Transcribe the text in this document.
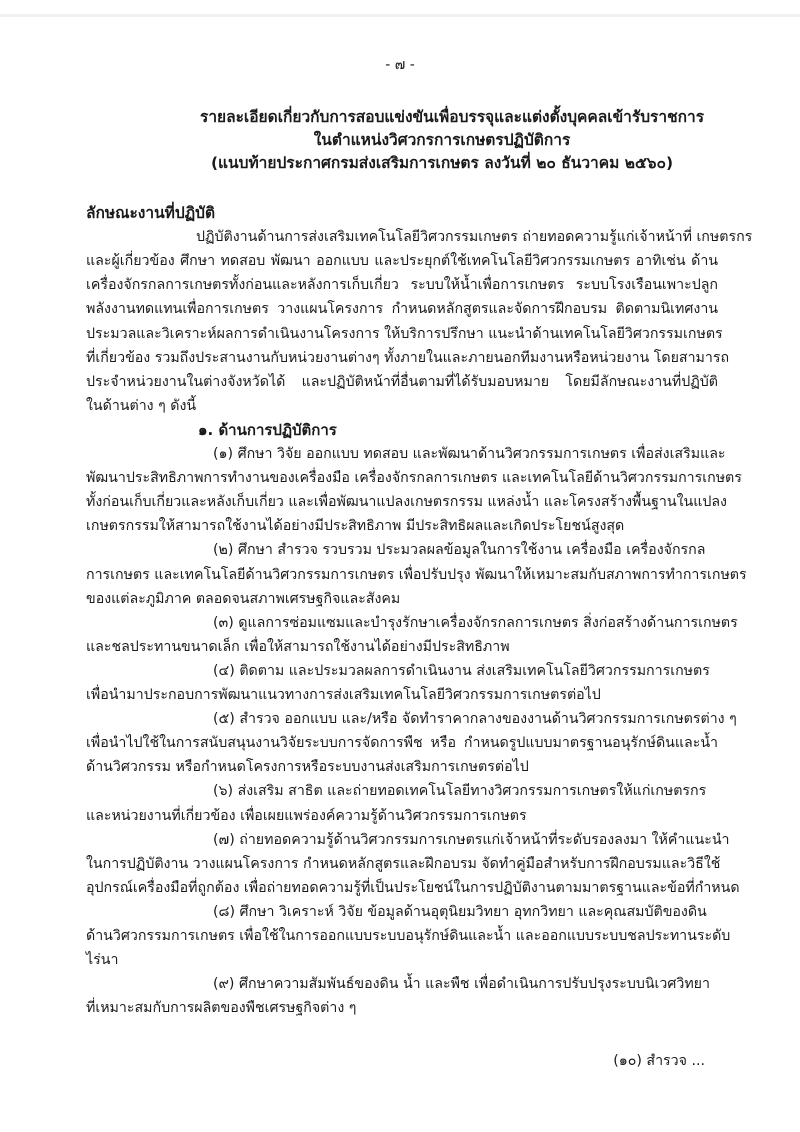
- ๗ -
รายละเอียดเกี่ยวกับการสอบแข่งขันเพื่อบรรจุและแต่งตั้งบุคคลเข้ารับราชการ
ในตำแหน่งวิศวกรการเกษตรปฏิบัติการ
(แนบท้ายประกาศกรมส่งเสริมการเกษตร ลงวันที่ ๒๐ ธันวาคม ๒๕๖๐)
ลักษณะงานที่ปฏิบัติ
ปฏิบัติงานด้านการส่งเสริมเทคโนโลยีวิศวกรรมเกษตร ถ่ายทอดความรู้แก่เจ้าหน้าที่ เกษตรกร
และผู้เกี่ยวข้อง ศึกษา ทดสอบ พัฒนา ออกแบบ และประยุกต์ใช้เทคโนโลยีวิศวกรรมเกษตร อาทิเช่น ด้าน
เครื่องจักรกลการเกษตรทั้งก่อนและหลังการเก็บเกี่ยว ระบบให้น้ำเพื่อการเกษตร ระบบโรงเรือนเพาะปลูก
พลังงานทดแทนเพื่อการเกษตร วางแผนโครงการ กำหนดหลักสูตรและจัดการฝึกอบรม ติดตามนิเทศงาน
ประมวลและวิเคราะห์ผลการดำเนินงานโครงการ ให้บริการปรึกษา แนะนำด้านเทคโนโลยีวิศวกรรมเกษตร
ที่เกี่ยวข้อง รวมถึงประสานงานกับหน่วยงานต่างๆ ทั้งภายในและภายนอกทีมงานหรือหน่วยงาน โดยสามารถ
ประจำหน่วยงานในต่างจังหวัดได้ และปฏิบัติหน้าที่อื่นตามที่ได้รับมอบหมาย โดยมีลักษณะงานที่ปฏิบัติ
ในด้านต่าง ๆ ดังนี้
๑. ด้านการปฏิบัติการ
(๑) ศึกษา วิจัย ออกแบบ ทดสอบ และพัฒนาด้านวิศวกรรมการเกษตร เพื่อส่งเสริมและ
พัฒนาประสิทธิภาพการทำงานของเครื่องมือ เครื่องจักรกลการเกษตร และเทคโนโลยีด้านวิศวกรรมการเกษตร
ทั้งก่อนเก็บเกี่ยวและหลังเก็บเกี่ยว และเพื่อพัฒนาแปลงเกษตรกรรม แหล่งน้ำ และโครงสร้างพื้นฐานในแปลง
เกษตรกรรมให้สามารถใช้งานได้อย่างมีประสิทธิภาพ มีประสิทธิผลและเกิดประโยชน์สูงสุด
(๒) ศึกษา สำรวจ รวบรวม ประมวลผลข้อมูลในการใช้งาน เครื่องมือ เครื่องจักรกล
การเกษตร และเทคโนโลยีด้านวิศวกรรมการเกษตร เพื่อปรับปรุง พัฒนาให้เหมาะสมกับสภาพการทำการเกษตร
ของแต่ละภูมิภาค ตลอดจนสภาพเศรษฐกิจและสังคม
(๓) ดูแลการซ่อมแซมและบำรุงรักษาเครื่องจักรกลการเกษตร สิ่งก่อสร้างด้านการเกษตร
และชลประทานขนาดเล็ก เพื่อให้สามารถใช้งานได้อย่างมีประสิทธิภาพ
(๔) ติดตาม และประมวลผลการดำเนินงาน ส่งเสริมเทคโนโลยีวิศวกรรมการเกษตร
เพื่อนำมาประกอบการพัฒนาแนวทางการส่งเสริมเทคโนโลยีวิศวกรรมการเกษตรต่อไป
(๕) สำรวจ ออกแบบ และ/หรือ จัดทำราคากลางของงานด้านวิศวกรรมการเกษตรต่าง ๆ
เพื่อนำไปใช้ในการสนับสนุนงานวิจัยระบบการจัดการพืช หรือ กำหนดรูปแบบมาตรฐานอนุรักษ์ดินและน้ำ
ด้านวิศวกรรม หรือกำหนดโครงการหรือระบบงานส่งเสริมการเกษตรต่อไป
(๖) ส่งเสริม สาธิต และถ่ายทอดเทคโนโลยีทางวิศวกรรมการเกษตรให้แก่เกษตรกร
และหน่วยงานที่เกี่ยวข้อง เพื่อเผยแพร่องค์ความรู้ด้านวิศวกรรมการเกษตร
(๗) ถ่ายทอดความรู้ด้านวิศวกรรมการเกษตรแก่เจ้าหน้าที่ระดับรองลงมา ให้คำแนะนำ
ในการปฏิบัติงาน วางแผนโครงการ กำหนดหลักสูตรและฝึกอบรม จัดทำคู่มือสำหรับการฝึกอบรมและวิธีใช้
อุปกรณ์เครื่องมือที่ถูกต้อง เพื่อถ่ายทอดความรู้ที่เป็นประโยชน์ในการปฏิบัติงานตามมาตรฐานและข้อที่กำหนด
(๘) ศึกษา วิเคราะห์ วิจัย ข้อมูลด้านอุตุนิยมวิทยา อุทกวิทยา และคุณสมบัติของดิน
ด้านวิศวกรรมการเกษตร เพื่อใช้ในการออกแบบระบบอนุรักษ์ดินและน้ำ และออกแบบระบบชลประทานระดับ
ไร่นา
(๙) ศึกษาความสัมพันธ์ของดิน น้ำ และพืช เพื่อดำเนินการปรับปรุงระบบนิเวศวิทยา
ที่เหมาะสมกับการผลิตของพืชเศรษฐกิจต่าง ๆ
(๑๐) สำรวจ ...
